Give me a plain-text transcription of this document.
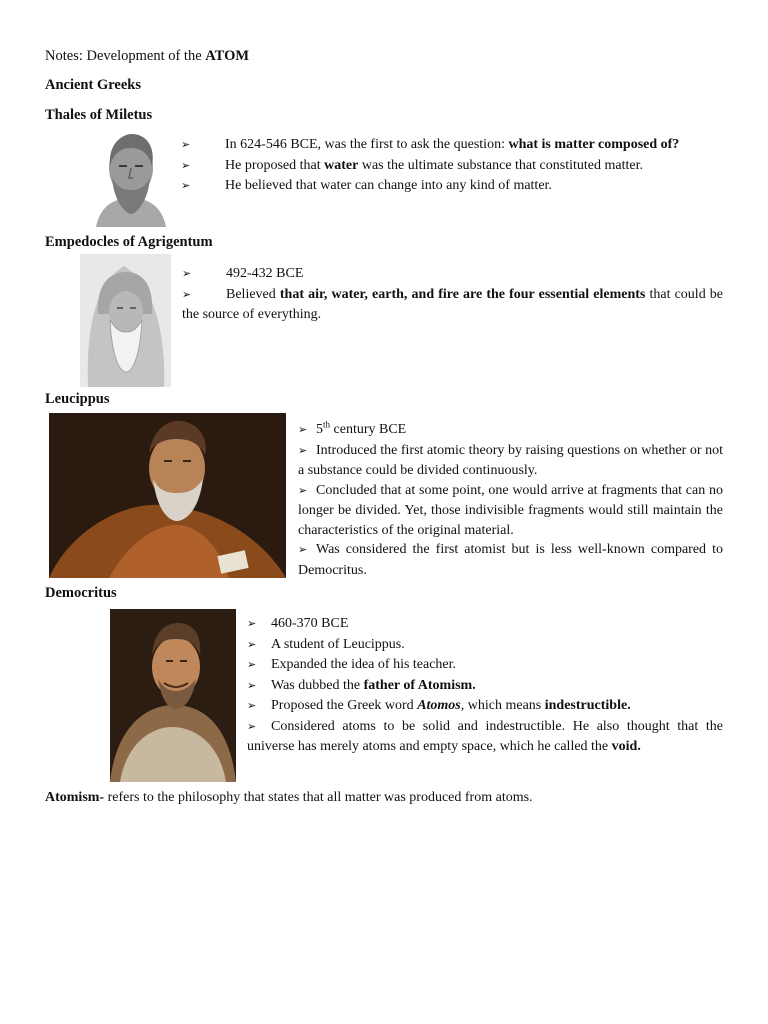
Notes: Development of the ATOM
Ancient Greeks
Thales of Miletus
➢ In 624-546 BCE, was the first to ask the question: what is matter composed of?
➢ He proposed that water was the ultimate substance that constituted matter.
➢ He believed that water can change into any kind of matter.
Empedocles of Agrigentum
➢ 492-432 BCE
➢ Believed that air, water, earth, and fire are the four essential elements that could be the source of everything.
Leucippus
➢ 5th century BCE
➢ Introduced the first atomic theory by raising questions on whether or not a substance could be divided continuously.
➢ Concluded that at some point, one would arrive at fragments that can no longer be divided. Yet, those indivisible fragments would still maintain the characteristics of the original material.
➢ Was considered the first atomist but is less well-known compared to Democritus.
Democritus
➢ 460-370 BCE
➢ A student of Leucippus.
➢ Expanded the idea of his teacher.
➢ Was dubbed the father of Atomism.
➢ Proposed the Greek word Atomos, which means indestructible.
➢ Considered atoms to be solid and indestructible. He also thought that the universe has merely atoms and empty space, which he called the void.
Atomism- refers to the philosophy that states that all matter was produced from atoms.
